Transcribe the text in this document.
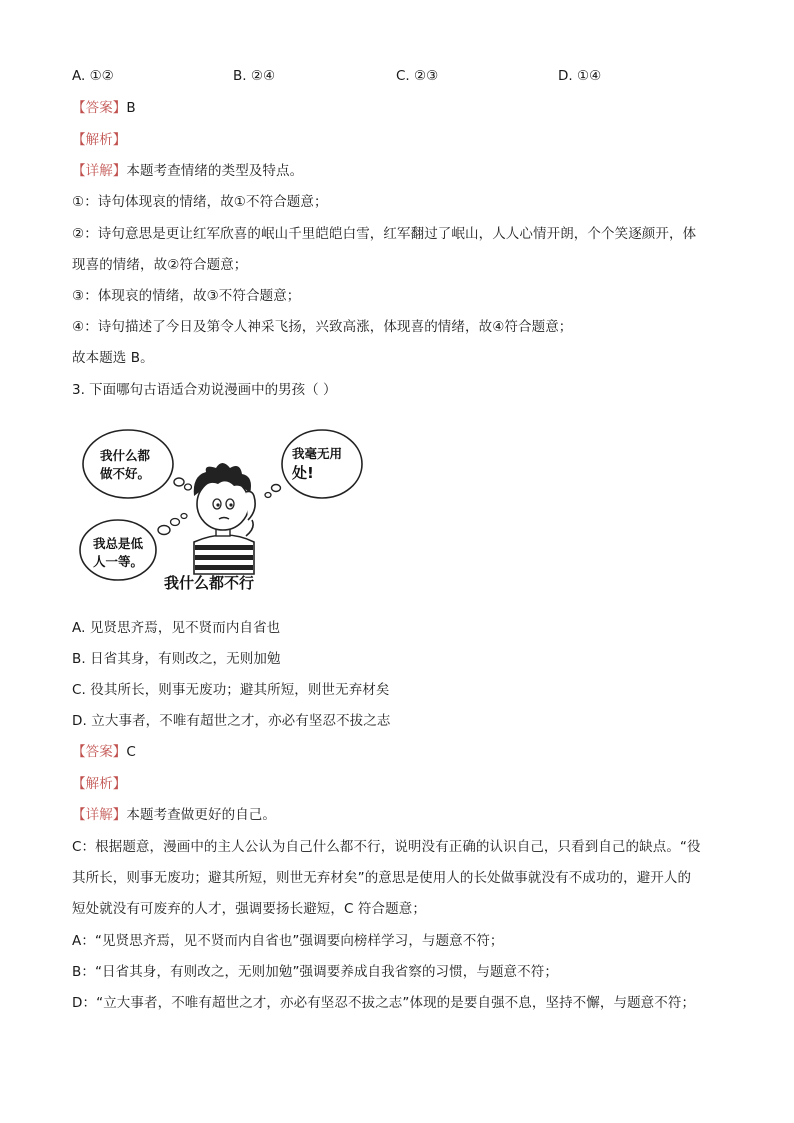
A. ①②	B. ②④	C. ②③	D. ①④
【答案】B
【解析】
【详解】本题考查情绪的类型及特点。
①：诗句体现哀的情绪，故①不符合题意；
②：诗句意思是更让红军欣喜的岷山千里皑皑白雪，红军翻过了岷山，人人心情开朗，个个笑逐颜开，体
现喜的情绪，故②符合题意；
③：体现哀的情绪，故③不符合题意；
④：诗句描述了今日及第令人神采飞扬，兴致高涨，体现喜的情绪，故④符合题意；
故本题选 B。
3. 下面哪句古语适合劝说漫画中的男孩（ ）
我什么都
做不好。
我毫无用
处!
我总是低
人一等。
我什么都不行
A. 见贤思齐焉，见不贤而内自省也
B. 日省其身，有则改之，无则加勉
C. 役其所长，则事无废功；避其所短，则世无弃材矣
D. 立大事者，不唯有超世之才，亦必有坚忍不拔之志
【答案】C
【解析】
【详解】本题考查做更好的自己。
C：根据题意，漫画中的主人公认为自己什么都不行，说明没有正确的认识自己，只看到自己的缺点。“役
其所长，则事无废功；避其所短，则世无弃材矣”的意思是使用人的长处做事就没有不成功的，避开人的
短处就没有可废弃的人才，强调要扬长避短，C 符合题意；
A：“见贤思齐焉，见不贤而内自省也”强调要向榜样学习，与题意不符；
B：“日省其身，有则改之，无则加勉”强调要养成自我省察的习惯，与题意不符；
D：“立大事者，不唯有超世之才，亦必有坚忍不拔之志”体现的是要自强不息，坚持不懈，与题意不符；
